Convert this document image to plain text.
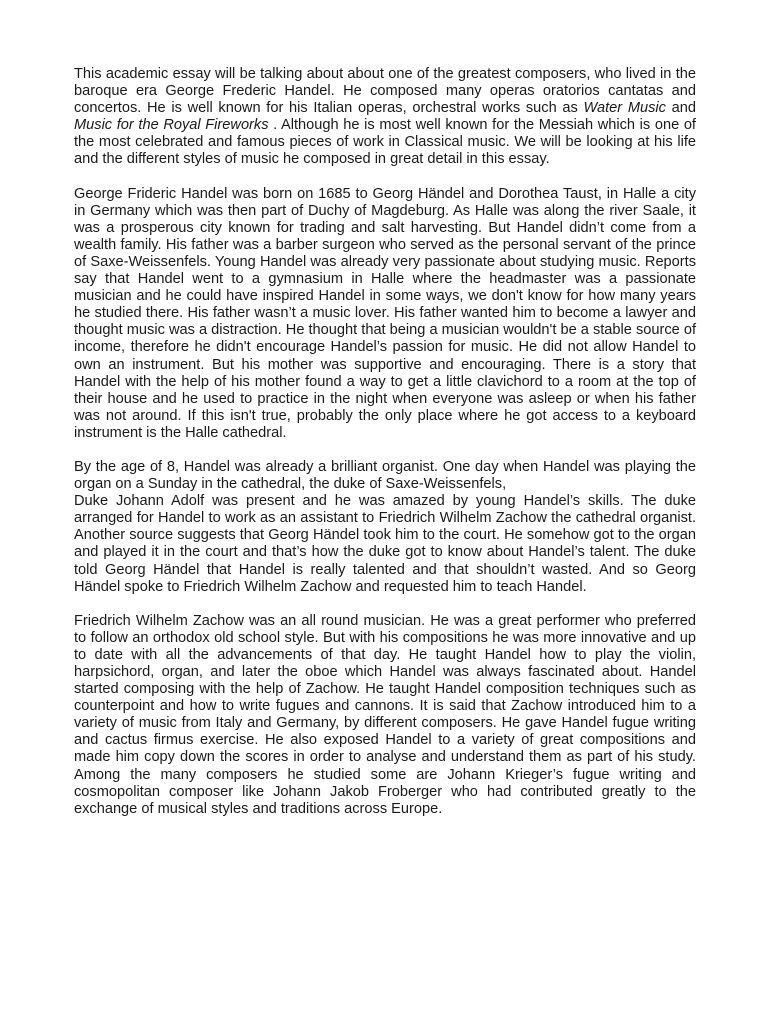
This academic essay will be talking about about one of the greatest composers, who lived in the baroque era George Frederic Handel. He composed many operas oratorios cantatas and concertos. He is well known for his Italian operas, orchestral works such as Water Music and Music for the Royal Fireworks . Although he is most well known for the Messiah which is one of the most celebrated and famous pieces of work in Classical music. We will be looking at his life and the different styles of music he composed in great detail in this essay.

George Frideric Handel was born on 1685 to Georg Händel and Dorothea Taust, in Halle a city in Germany which was then part of Duchy of Magdeburg. As Halle was along the river Saale, it was a prosperous city known for trading and salt harvesting. But Handel didn’t come from a wealth family. His father was a barber surgeon who served as the personal servant of the prince of Saxe-Weissenfels. Young Handel was already very passionate about studying music. Reports say that Handel went to a gymnasium in Halle where the headmaster was a passionate musician and he could have inspired Handel in some ways, we don't know for how many years he studied there. His father wasn’t a music lover. His father wanted him to become a lawyer and thought music was a distraction. He thought that being a musician wouldn't be a stable source of income, therefore he didn't encourage Handel’s passion for music. He did not allow Handel to own an instrument. But his mother was supportive and encouraging. There is a story that Handel with the help of his mother found a way to get a little clavichord to a room at the top of their house and he used to practice in the night when everyone was asleep or when his father was not around. If this isn't true, probably the only place where he got access to a keyboard instrument is the Halle cathedral.

By the age of 8, Handel was already a brilliant organist. One day when Handel was playing the organ on a Sunday in the cathedral, the duke of Saxe-Weissenfels,
Duke Johann Adolf was present and he was amazed by young Handel’s skills. The duke arranged for Handel to work as an assistant to Friedrich Wilhelm Zachow the cathedral organist. Another source suggests that Georg Händel took him to the court. He somehow got to the organ and played it in the court and that’s how the duke got to know about Handel’s talent. The duke told Georg Händel that Handel is really talented and that shouldn’t wasted. And so Georg Händel spoke to Friedrich Wilhelm Zachow and requested him to teach Handel.

Friedrich Wilhelm Zachow was an all round musician. He was a great performer who preferred to follow an orthodox old school style. But with his compositions he was more innovative and up to date with all the advancements of that day. He taught Handel how to play the violin, harpsichord, organ, and later the oboe which Handel was always fascinated about. Handel started composing with the help of Zachow. He taught Handel composition techniques such as counterpoint and how to write fugues and cannons. It is said that Zachow introduced him to a variety of music from Italy and Germany, by different composers. He gave Handel fugue writing and cactus firmus exercise. He also exposed Handel to a variety of great compositions and made him copy down the scores in order to analyse and understand them as part of his study. Among the many composers he studied some are Johann Krieger’s fugue writing and cosmopolitan composer like Johann Jakob Froberger who had contributed greatly to the exchange of musical styles and traditions across Europe.
